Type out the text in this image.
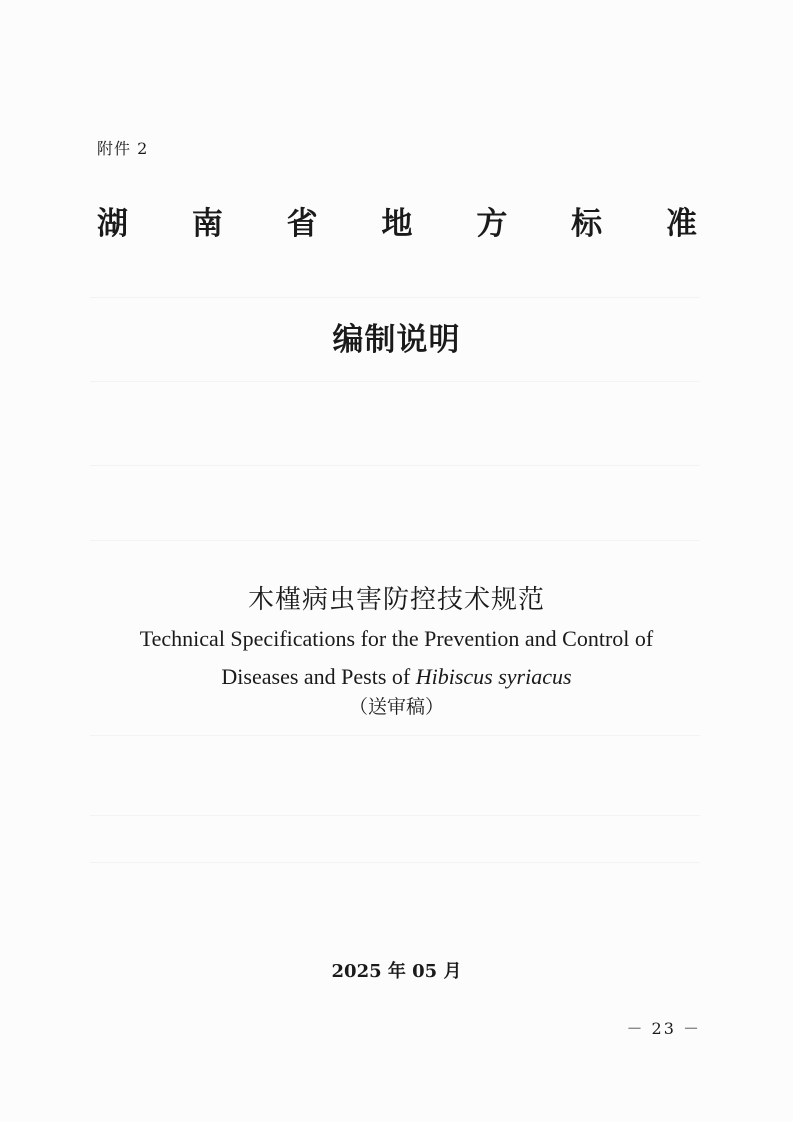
附件 2
湖 南 省 地 方 标 准
编制说明
木槿病虫害防控技术规范
Technical Specifications for the Prevention and Control of
Diseases and Pests of Hibiscus syriacus
（送审稿）
2025 年 05 月
－ 23 －
